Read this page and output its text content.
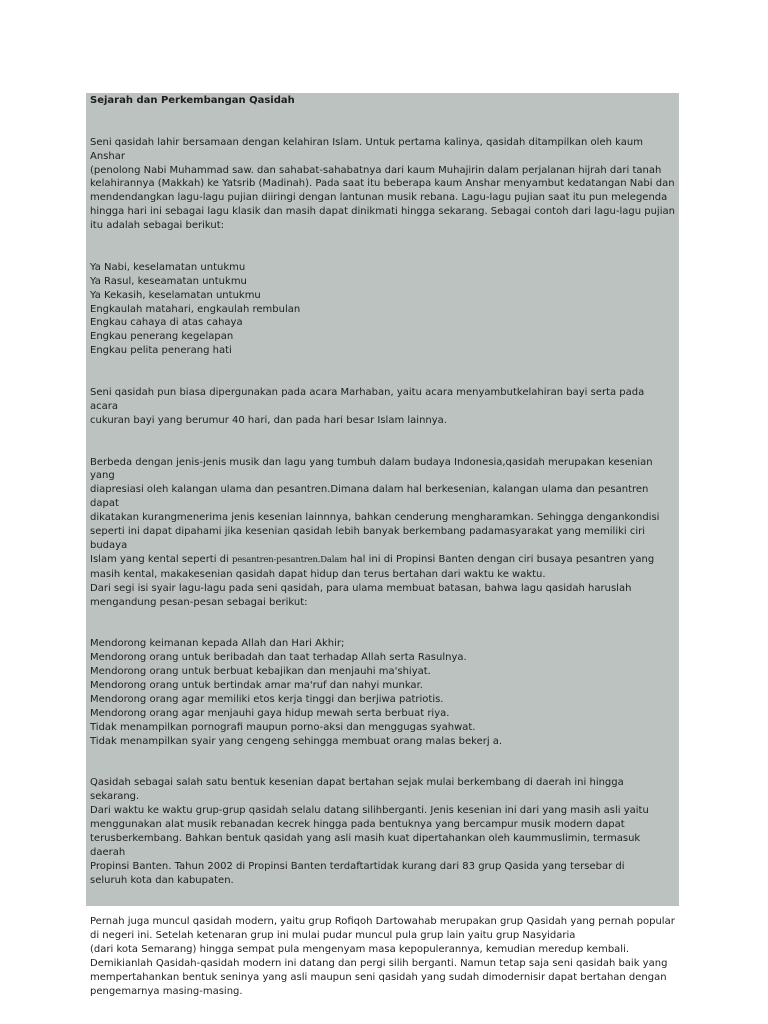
Sejarah dan Perkembangan Qasidah

Seni qasidah lahir bersamaan dengan kelahiran Islam. Untuk pertama kalinya, qasidah ditampilkan oleh kaum Anshar
(penolong Nabi Muhammad saw. dan sahabat-sahabatnya dari kaum Muhajirin dalam perjalanan hijrah dari tanah
kelahirannya (Makkah) ke Yatsrib (Madinah). Pada saat itu beberapa kaum Anshar menyambut kedatangan Nabi dan
mendendangkan lagu-lagu pujian diiringi dengan lantunan musik rebana. Lagu-lagu pujian saat itu pun melegenda
hingga hari ini sebagai lagu klasik dan masih dapat dinikmati hingga sekarang. Sebagai contoh dari lagu-lagu pujian
itu adalah sebagai berikut:

Ya Nabi, keselamatan untukmu
Ya Rasul, keseamatan untukmu
Ya Kekasih, keselamatan untukmu
Engkaulah matahari, engkaulah rembulan
Engkau cahaya di atas cahaya
Engkau penerang kegelapan
Engkau pelita penerang hati

Seni qasidah pun biasa dipergunakan pada acara Marhaban, yaitu acara menyambutkelahiran bayi serta pada acara
cukuran bayi yang berumur 40 hari, dan pada hari besar Islam lainnya.

Berbeda dengan jenis-jenis musik dan lagu yang tumbuh dalam budaya Indonesia,qasidah merupakan kesenian yang
diapresiasi oleh kalangan ulama dan pesantren.Dimana dalam hal berkesenian, kalangan ulama dan pesantren dapat
dikatakan kurangmenerima jenis kesenian lainnnya, bahkan cenderung mengharamkan. Sehingga dengankondisi
seperti ini dapat dipahami jika kesenian qasidah lebih banyak berkembang padamasyarakat yang memiliki ciri budaya
Islam yang kental seperti di pesantren-pesantren.Dalam hal ini di Propinsi Banten dengan ciri busaya pesantren yang
masih kental, makakesenian qasidah dapat hidup dan terus bertahan dari waktu ke waktu.
Dari segi isi syair lagu-lagu pada seni qasidah, para ulama membuat batasan, bahwa lagu qasidah haruslah
mengandung pesan-pesan sebagai berikut:

Mendorong keimanan kepada Allah dan Hari Akhir;
Mendorong orang untuk beribadah dan taat terhadap Allah serta Rasulnya.
Mendorong orang untuk berbuat kebajikan dan menjauhi ma'shiyat.
Mendorong orang untuk bertindak amar ma'ruf dan nahyi munkar.
Mendorong orang agar memiliki etos kerja tinggi dan berjiwa patriotis.
Mendorong orang agar menjauhi gaya hidup mewah serta berbuat riya.
Tidak menampilkan pornografi maupun porno-aksi dan menggugas syahwat.
Tidak menampilkan syair yang cengeng sehingga membuat orang malas bekerj a.

Qasidah sebagai salah satu bentuk kesenian dapat bertahan sejak mulai berkembang di daerah ini hingga sekarang.
Dari waktu ke waktu grup-grup qasidah selalu datang silihberganti. Jenis kesenian ini dari yang masih asli yaitu
menggunakan alat musik rebanadan kecrek hingga pada bentuknya yang bercampur musik modern dapat
terusberkembang. Bahkan bentuk qasidah yang asli masih kuat dipertahankan oleh kaummuslimin, termasuk daerah
Propinsi Banten. Tahun 2002 di Propinsi Banten terdaftartidak kurang dari 83 grup Qasida yang tersebar di
seluruh kota dan kabupaten.

Pernah juga muncul qasidah modern, yaitu grup Rofiqoh Dartowahab merupakan grup Qasidah yang pernah popular
di negeri ini. Setelah ketenaran grup ini mulai pudar muncul pula grup lain yaitu grup Nasyidaria
(dari kota Semarang) hingga sempat pula mengenyam masa kepopulerannya, kemudian meredup kembali.
Demikianlah Qasidah-qasidah modern ini datang dan pergi silih berganti. Namun tetap saja seni qasidah baik yang
mempertahankan bentuk seninya yang asli maupun seni qasidah yang sudah dimodernisir dapat bertahan dengan
pengemarnya masing-masing.
